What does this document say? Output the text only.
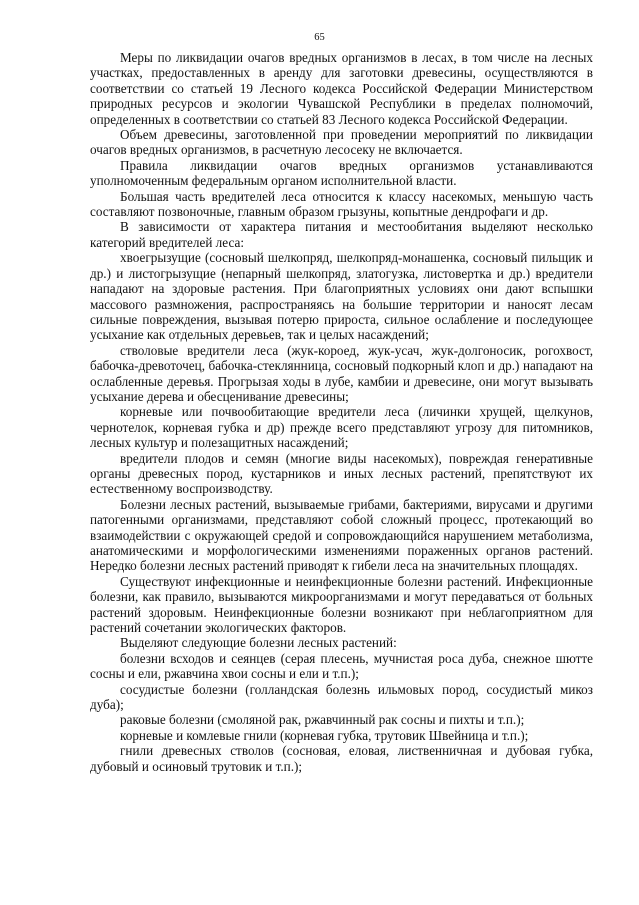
65

Меры по ликвидации очагов вредных организмов в лесах, в том числе на лесных участках, предоставленных в аренду для заготовки древесины, осуществляются в соответствии со статьей 19 Лесного кодекса Российской Федерации Министерством природных ресурсов и экологии Чувашской Республики в пределах полномочий, определенных в соответствии со статьей 83 Лесного кодекса Российской Федерации.

Объем древесины, заготовленной при проведении мероприятий по ликвидации очагов вредных организмов, в расчетную лесосеку не включается.

Правила ликвидации очагов вредных организмов устанавливаются уполномоченным федеральным органом исполнительной власти.

Большая часть вредителей леса относится к классу насекомых, меньшую часть составляют позвоночные, главным образом грызуны, копытные дендрофаги и др.

В зависимости от характера питания и местообитания выделяют несколько категорий вредителей леса:

хвоегрызущие (сосновый шелкопряд, шелкопряд-монашенка, сосновый пильщик и др.) и листогрызущие (непарный шелкопряд, златогузка, листовертка и др.) вредители нападают на здоровые растения. При благоприятных условиях они дают вспышки массового размножения, распространяясь на большие территории и наносят лесам сильные повреждения, вызывая потерю прироста, сильное ослабление и последующее усыхание как отдельных деревьев, так и целых насаждений;

стволовые вредители леса (жук-короед, жук-усач, жук-долгоносик, рогохвост, бабочка-древоточец, бабочка-стеклянница, сосновый подкорный клоп и др.) нападают на ослабленные деревья. Прогрызая ходы в лубе, камбии и древесине, они могут вызывать усыхание дерева и обесценивание древесины;

корневые или почвообитающие вредители леса (личинки хрущей, щелкунов, чернотелок, корневая губка и др) прежде всего представляют угрозу для питомников, лесных культур и полезащитных насаждений;

вредители плодов и семян (многие виды насекомых), повреждая генеративные органы древесных пород, кустарников и иных лесных растений, препятствуют их естественному воспроизводству.

Болезни лесных растений, вызываемые грибами, бактериями, вирусами и другими патогенными организмами, представляют собой сложный процесс, протекающий во взаимодействии с окружающей средой и сопровождающийся нарушением метаболизма, анатомическими и морфологическими изменениями пораженных органов растений. Нередко болезни лесных растений приводят к гибели леса на значительных площадях.

Существуют инфекционные и неинфекционные болезни растений. Инфекционные болезни, как правило, вызываются микроорганизмами и могут передаваться от больных растений здоровым. Неинфекционные болезни возникают при неблагоприятном для растений сочетании экологических факторов.

Выделяют следующие болезни лесных растений:

болезни всходов и сеянцев (серая плесень, мучнистая роса дуба, снежное шютте сосны и ели, ржавчина хвои сосны и ели и т.п.);

сосудистые болезни (голландская болезнь ильмовых пород, сосудистый микоз дуба);

раковые болезни (смоляной рак, ржавчинный рак сосны и пихты и т.п.);

корневые и комлевые гнили (корневая губка, трутовик Швейница и т.п.);

гнили древесных стволов (сосновая, еловая, лиственничная и дубовая губка, дубовый и осиновый трутовик и т.п.);
